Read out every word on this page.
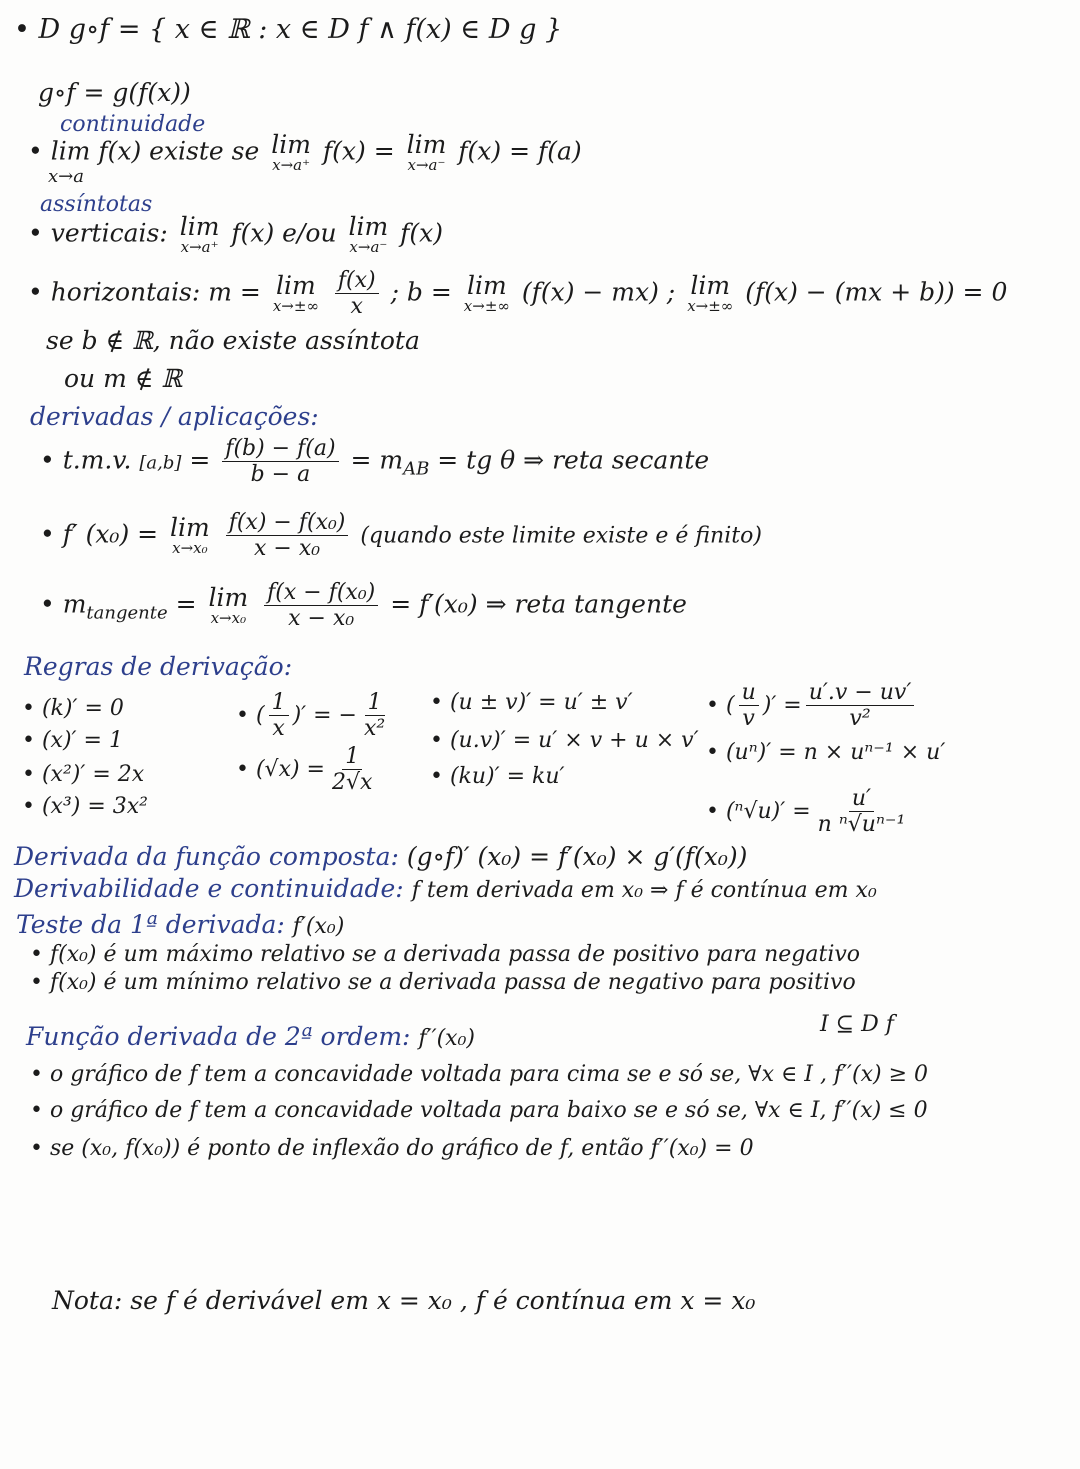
• D g∘f = { x ∈ ℝ : x ∈ D f ∧ f(x) ∈ D g }
g∘f = g(f(x))
continuidade
• lim f(x) existe se lim
x→a⁺ f(x) = lim
x→a⁻ f(x) = f(a)
x→a
assíntotas
• verticais: lim
x→a⁺ f(x) e/ou lim
x→a⁻ f(x)
• horizontais: m = lim
x→±∞
$\frac{f(x)}{x}$ ; b = lim
x→±∞ (f(x) − mx) ; lim
x→±∞ (f(x) − (mx + b)) = 0
se b ∉ ℝ, não existe assíntota
ou m ∉ ℝ
derivadas / aplicações:
• t.m.v. $[a,b] = \frac{f(b) - f(a)}{b - a} = m_{AB}$ = tg θ ⇒ reta secante
• f′ (x₀) = lim
x→x₀
$\frac{\text{f(x) − f(x₀)}}{\text{x − x₀}}$ (quando este limite existe e é finito)
• $m_{tangente} = \lim$
x→x₀
$\frac{\text{f(x − f(x₀)}}{\text{x − x₀}} = f'(x_0)$ ⇒ reta tangente
Regras de derivação:
• (k)′ = 0
• (x)′ = 1
• (x²)′ = 2x
• (x³) = 3x²
• ( $\frac{1}{x}$ )′ = − $\frac{1}{\text{x²}}$
• $(√x) = \frac{1}{2√x}$
• (u ± v)′ = u′ ± v′
• (u.v)′ = u′ × v + u × v′
• (ku)′ = ku′
• ( $\frac{u}{v}$ )′ = $\frac{u'.v - uv'}{\text{v²}}$
• (uⁿ)′ = n × uⁿ⁻¹ × u′
• $(^n√u)' = \frac{u'}{\text{n ⁿ√uⁿ⁻¹}}$
Derivada da função composta: (g∘f)′ (x₀) = f′(x₀) × g′(f(x₀))
Derivabilidade e continuidade: f tem derivada em x₀ ⇒ f é contínua em x₀
Teste da 1ª derivada: f′(x₀)
• f(x₀) é um máximo relativo se a derivada passa de positivo para negativo
• f(x₀) é um mínimo relativo se a derivada passa de negativo para positivo
Função derivada de 2ª ordem: f′′(x₀)
I ⊆ D f
• o gráfico de f tem a concavidade voltada para cima se e só se, ∀x ∈ I , f′′(x) ≥ 0
• o gráfico de f tem a concavidade voltada para baixo se e só se, ∀x ∈ I, f′′(x) ≤ 0
• se (x₀, f(x₀)) é ponto de inflexão do gráfico de f, então f′′(x₀) = 0
Nota: se f é derivável em x = x₀ , f é contínua em x = x₀
